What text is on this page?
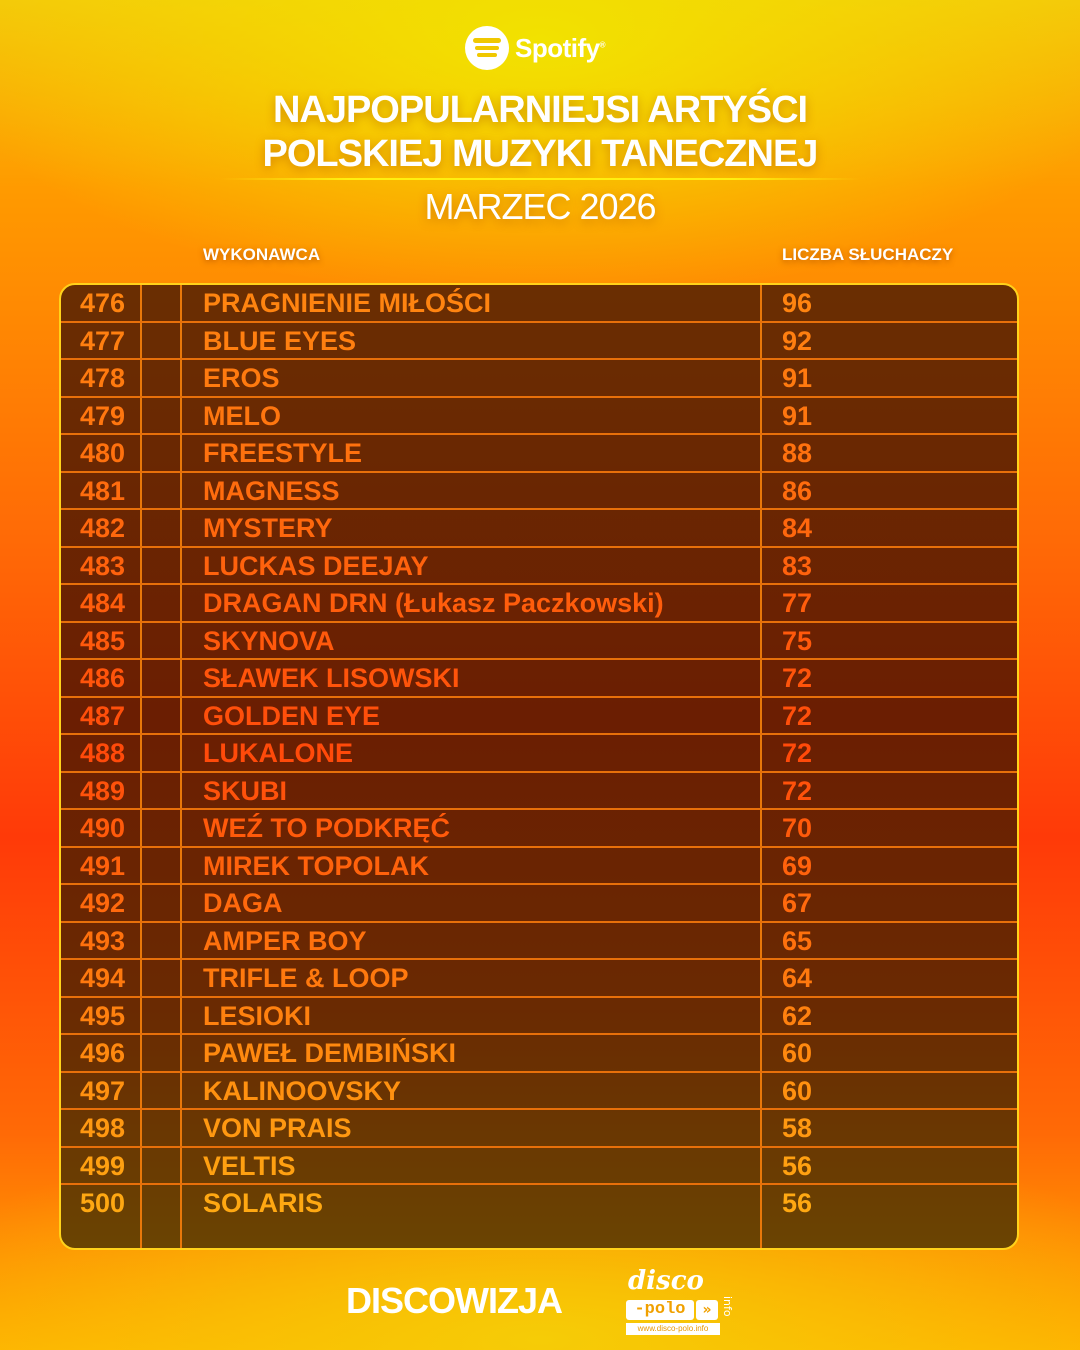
Spotify®
NAJPOPULARNIEJSI ARTYŚCI
POLSKIEJ MUZYKI TANECZNEJ
MARZEC 2026
WYKONAWCA	LICZBA SŁUCHACZY
476	PRAGNIENIE MIŁOŚCI	96
477	BLUE EYES	92
478	EROS	91
479	MELO	91
480	FREESTYLE	88
481	MAGNESS	86
482	MYSTERY	84
483	LUCKAS DEEJAY	83
484	DRAGAN DRN (Łukasz Paczkowski)	77
485	SKYNOVA	75
486	SŁAWEK LISOWSKI	72
487	GOLDEN EYE	72
488	LUKALONE	72
489	SKUBI	72
490	WEŹ TO PODKRĘĆ	70
491	MIREK TOPOLAK	69
492	DAGA	67
493	AMPER BOY	65
494	TRIFLE & LOOP	64
495	LESIOKI	62
496	PAWEŁ DEMBIŃSKI	60
497	KALINOOVSKY	60
498	VON PRAIS	58
499	VELTIS	56
500	SOLARIS	56
DISCOWIZJA	disco
-polo	» info
www.disco-polo.info
